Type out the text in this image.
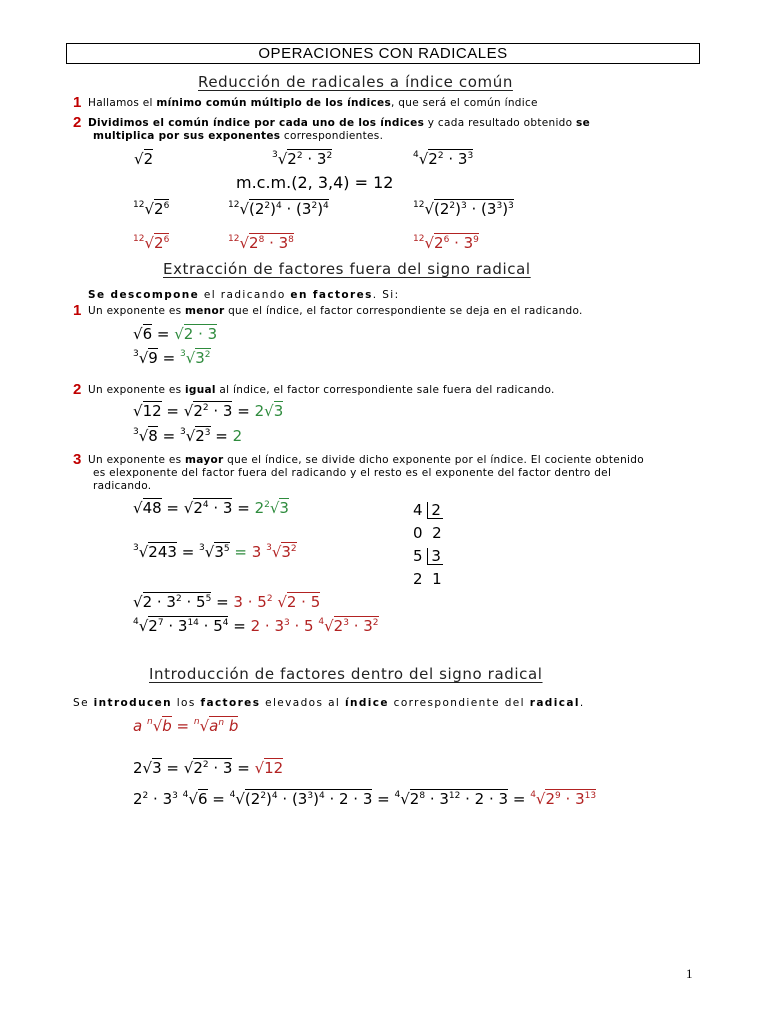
OPERACIONES CON RADICALES
Reducción de radicales a índice común
1 Hallamos el mínimo común múltiplo de los índices, que será el común índice
2 Dividimos el común índice por cada uno de los índices y cada resultado obtenido se
multiplica por sus exponentes correspondientes.
√2	$^3√2^2 \cdot 3^2$	$^4√2^2 \cdot 3^3$
m.c.m.(2, 3,4) = 12
$^{12}√2^6$	$^{12}√(2^2)^4 \cdot (3^2)^4$	$^{12}√(2^2)^3 \cdot (3^3)^3$
$^{12}√2^6$	$^{12}√2^8 \cdot 3^8$	$^{12}√2^6 \cdot 3^9$
Extracción de factores fuera del signo radical
Se descompone el radicando en factores. Si:
1 Un exponente es menor que el índice, el factor correspondiente se deja en el radicando.
√6 = √2 · 3
$^3√9 = ^3√3^2$
2 Un exponente es igual al índice, el factor correspondiente sale fuera del radicando.
$√12 = √2^2 \cdot 3 = 2√3$
$^3√8 = ^3√2^3 = 2$
3 Un exponente es mayor que el índice, se divide dicho exponente por el índice. El cociente obtenido
es elexponente del factor fuera del radicando y el resto es el exponente del factor dentro del
radicando.
$√48 = √2^4 \cdot 3 = 2^2√3$
$^3√243 = ^3√3^5 = 3$ $^3√3^2$
$√2 \cdot 3^2 \cdot 5^5 = 3 \cdot 5^2$ √2 · 5
$^4√2^7 \cdot 3^{14} \cdot 5^4 = 2 \cdot 3^3 \cdot 5$ $^4√2^3 \cdot 3^2$
4 2
0 2
5 3
2 1
Introducción de factores dentro del signo radical
Se introducen los factores elevados al índice correspondiente del radical.
a $^n√b = ^n√a^n$ b
$2√3 = √2^2 \cdot 3 = √12$
$2^2 \cdot 3^3$ $^4√6 = ^4√(2^2)^4 \cdot (3^3)^4 \cdot 2 \cdot 3 = ^4√2^8 \cdot 3^{12} \cdot 2 \cdot 3 = ^4√2^9 \cdot 3^{13}$
1
